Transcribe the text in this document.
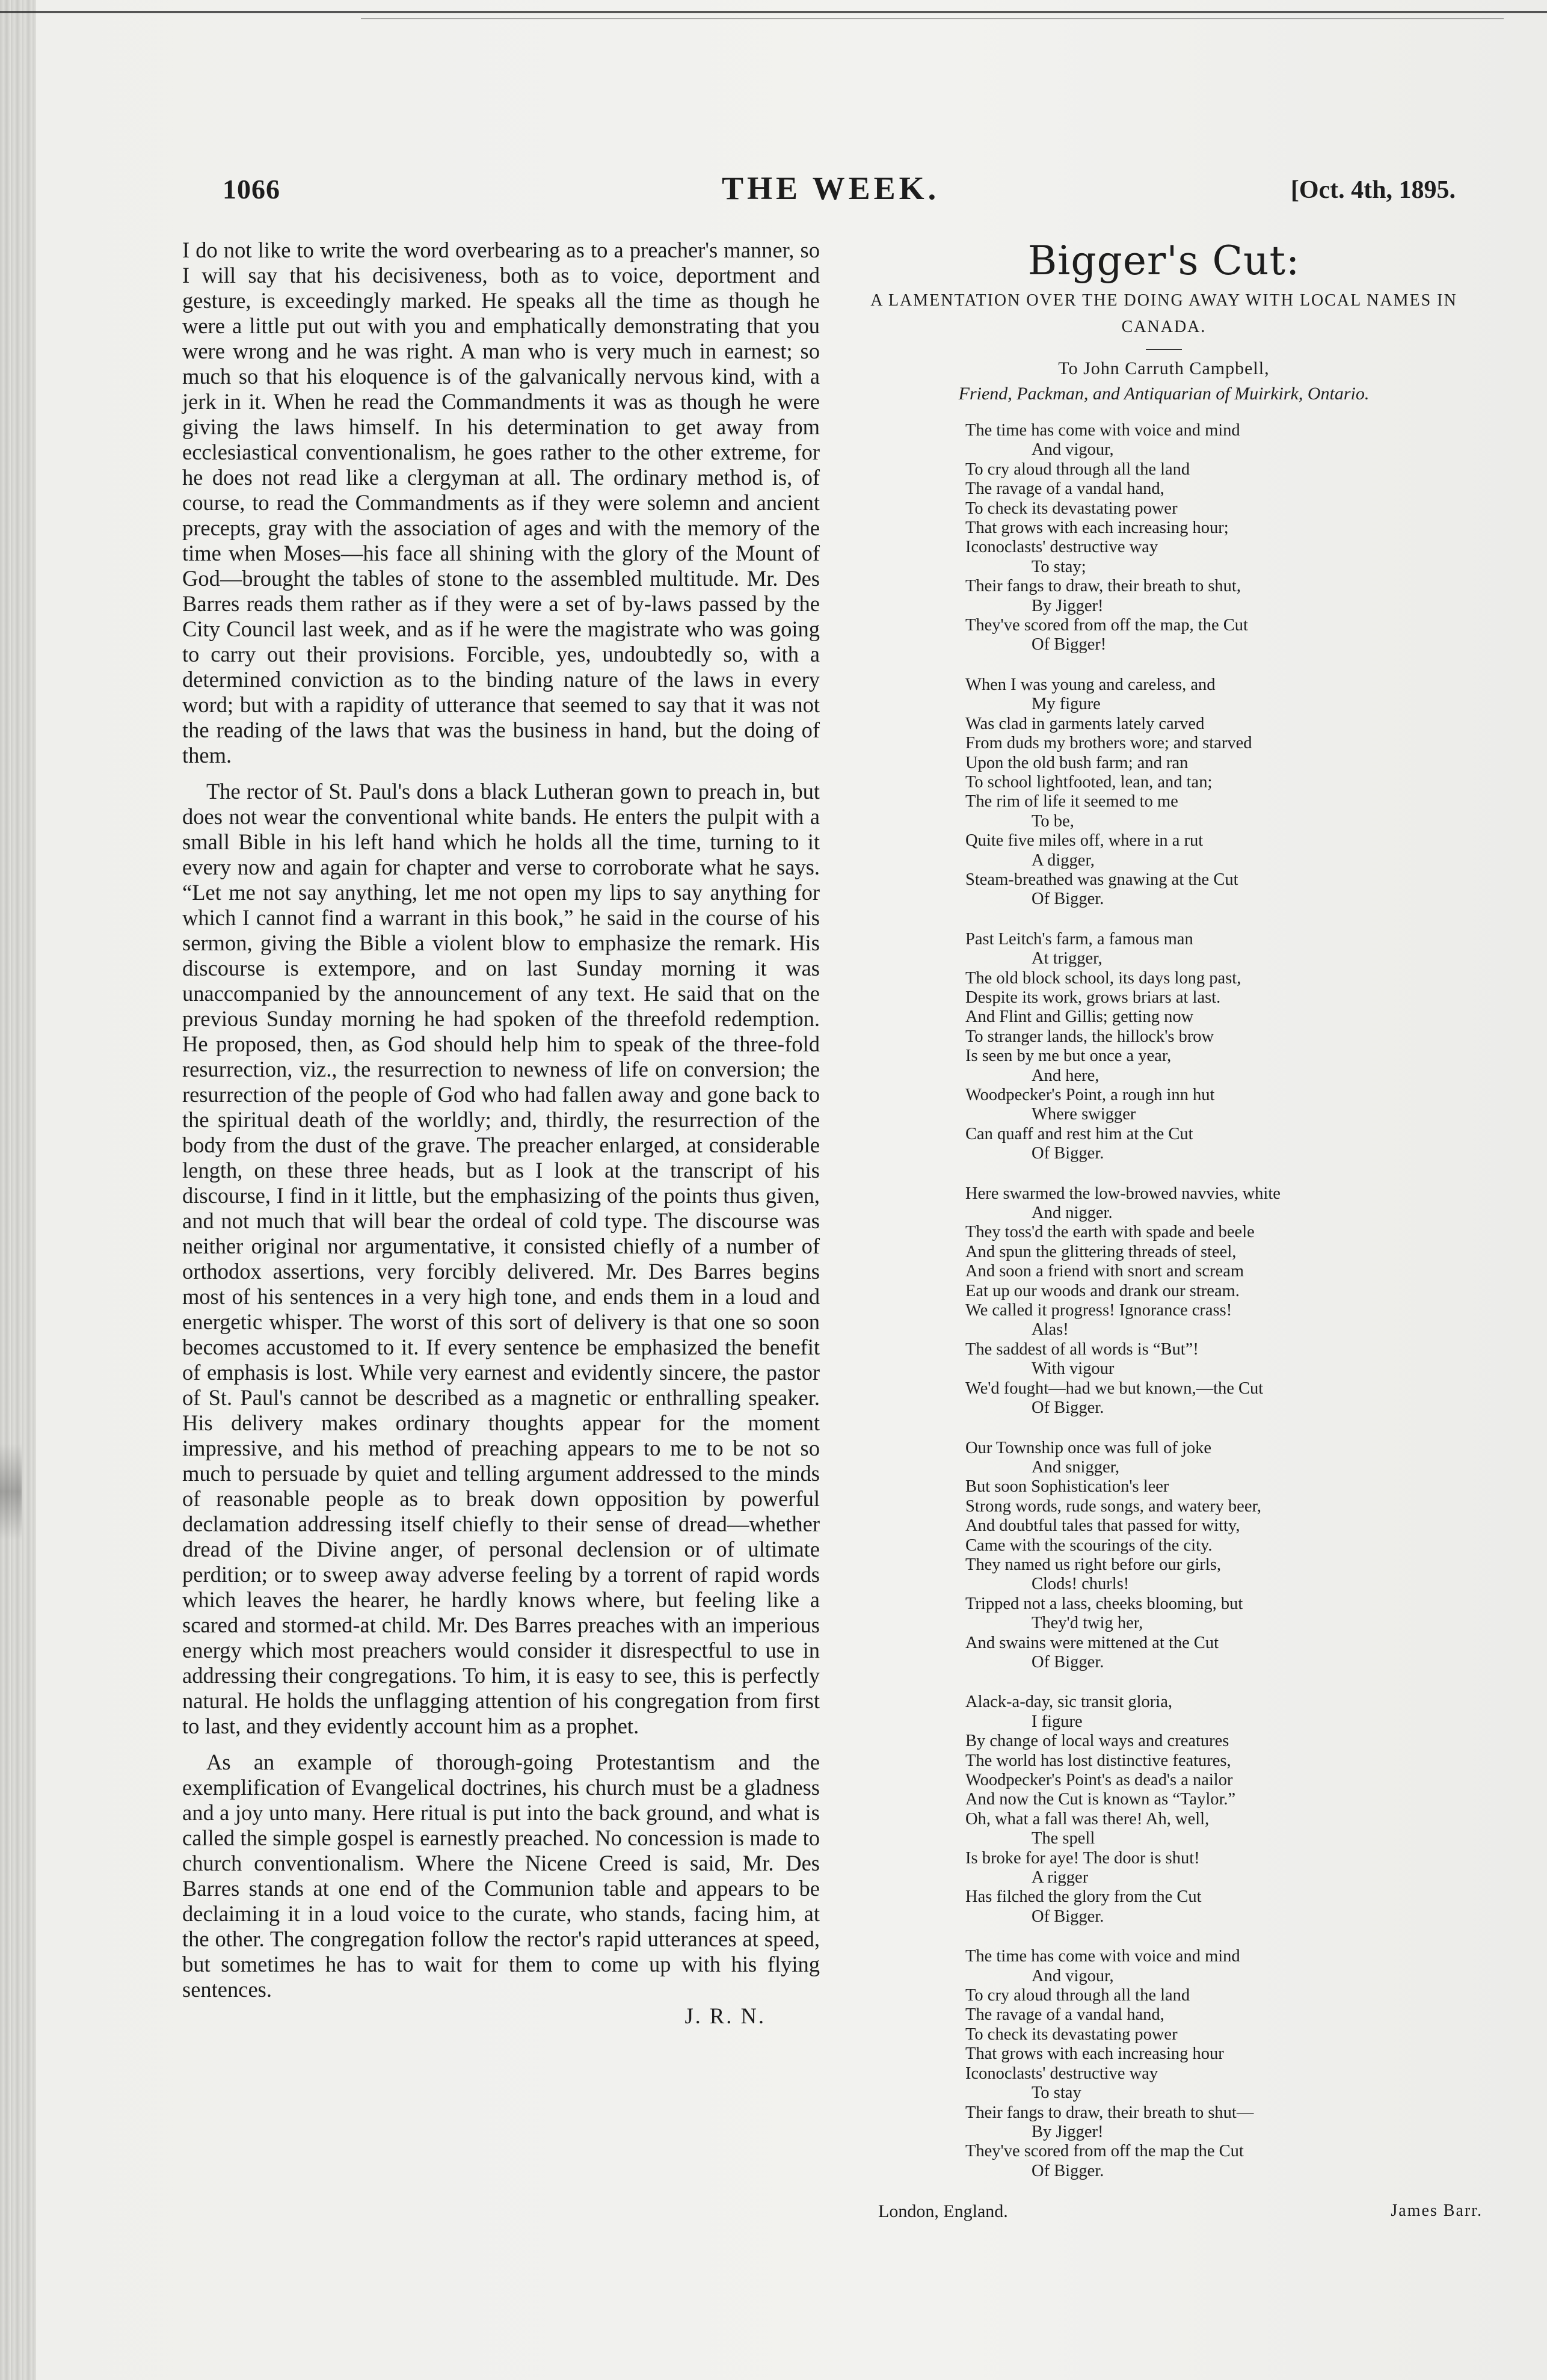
1066	THE WEEK.	[Oct. 4th, 1895.

I do not like to write the word overbearing as to a preacher's manner, so I will say that his decisiveness, both as to voice, deportment and gesture, is exceedingly marked. He speaks all the time as though he were a little put out with you and emphatically demonstrating that you were wrong and he was right. A man who is very much in earnest; so much so that his eloquence is of the galvanically nervous kind, with a jerk in it. When he read the Commandments it was as though he were giving the laws himself. In his determination to get away from ecclesiastical conventionalism, he goes rather to the other extreme, for he does not read like a clergyman at all. The ordinary method is, of course, to read the Commandments as if they were solemn and ancient precepts, gray with the association of ages and with the memory of the time when Moses—his face all shining with the glory of the Mount of God—brought the tables of stone to the assembled multitude. Mr. Des Barres reads them rather as if they were a set of by-laws passed by the City Council last week, and as if he were the magistrate who was going to carry out their provisions. Forcible, yes, undoubtedly so, with a determined conviction as to the binding nature of the laws in every word; but with a rapidity of utterance that seemed to say that it was not the reading of the laws that was the business in hand, but the doing of them.

The rector of St. Paul's dons a black Lutheran gown to preach in, but does not wear the conventional white bands. He enters the pulpit with a small Bible in his left hand which he holds all the time, turning to it every now and again for chapter and verse to corroborate what he says. “Let me not say anything, let me not open my lips to say anything for which I cannot find a warrant in this book,” he said in the course of his sermon, giving the Bible a violent blow to emphasize the remark. His discourse is extempore, and on last Sunday morning it was unaccompanied by the announcement of any text. He said that on the previous Sunday morning he had spoken of the threefold redemption. He proposed, then, as God should help him to speak of the three-fold resurrection, viz., the resurrection to newness of life on conversion; the resurrection of the people of God who had fallen away and gone back to the spiritual death of the worldly; and, thirdly, the resurrection of the body from the dust of the grave. The preacher enlarged, at considerable length, on these three heads, but as I look at the transcript of his discourse, I find in it little, but the emphasizing of the points thus given, and not much that will bear the ordeal of cold type. The discourse was neither original nor argumentative, it consisted chiefly of a number of orthodox assertions, very forcibly delivered. Mr. Des Barres begins most of his sentences in a very high tone, and ends them in a loud and energetic whisper. The worst of this sort of delivery is that one so soon becomes accustomed to it. If every sentence be emphasized the benefit of emphasis is lost. While very earnest and evidently sincere, the pastor of St. Paul's cannot be described as a magnetic or enthralling speaker. His delivery makes ordinary thoughts appear for the moment impressive, and his method of preaching appears to me to be not so much to persuade by quiet and telling argument addressed to the minds of reasonable people as to break down opposition by powerful declamation addressing itself chiefly to their sense of dread—whether dread of the Divine anger, of personal declension or of ultimate perdition; or to sweep away adverse feeling by a torrent of rapid words which leaves the hearer, he hardly knows where, but feeling like a scared and stormed-at child. Mr. Des Barres preaches with an imperious energy which most preachers would consider it disrespectful to use in addressing their congregations. To him, it is easy to see, this is perfectly natural. He holds the unflagging attention of his congregation from first to last, and they evidently account him as a prophet.

As an example of thorough-going Protestantism and the exemplification of Evangelical doctrines, his church must be a gladness and a joy unto many. Here ritual is put into the back ground, and what is called the simple gospel is earnestly preached. No concession is made to church conventionalism. Where the Nicene Creed is said, Mr. Des Barres stands at one end of the Communion table and appears to be declaiming it in a loud voice to the curate, who stands, facing him, at the other. The congregation follow the rector's rapid utterances at speed, but sometimes he has to wait for them to come up with his flying sentences.

J. R. N.
Bigger's Cut:
A LAMENTATION OVER THE DOING AWAY WITH LOCAL NAMES IN CANADA.
To John Carruth Campbell,
Friend, Packman, and Antiquarian of Muirkirk, Ontario.
The time has come with voice and mind
And vigour,
To cry aloud through all the land
The ravage of a vandal hand,
To check its devastating power
That grows with each increasing hour;
Iconoclasts' destructive way
To stay;
Their fangs to draw, their breath to shut,
By Jigger!
They've scored from off the map, the Cut
Of Bigger!
When I was young and careless, and
My figure
Was clad in garments lately carved
From duds my brothers wore; and starved
Upon the old bush farm; and ran
To school lightfooted, lean, and tan;
The rim of life it seemed to me
To be,
Quite five miles off, where in a rut
A digger,
Steam-breathed was gnawing at the Cut
Of Bigger.
Past Leitch's farm, a famous man
At trigger,
The old block school, its days long past,
Despite its work, grows briars at last.
And Flint and Gillis; getting now
To stranger lands, the hillock's brow
Is seen by me but once a year,
And here,
Woodpecker's Point, a rough inn hut
Where swigger
Can quaff and rest him at the Cut
Of Bigger.
Here swarmed the low-browed navvies, white
And nigger.
They toss'd the earth with spade and beele
And spun the glittering threads of steel,
And soon a friend with snort and scream
Eat up our woods and drank our stream.
We called it progress! Ignorance crass!
Alas!
The saddest of all words is “But”!
With vigour
We'd fought—had we but known,—the Cut
Of Bigger.
Our Township once was full of joke
And snigger,
But soon Sophistication's leer
Strong words, rude songs, and watery beer,
And doubtful tales that passed for witty,
Came with the scourings of the city.
They named us right before our girls,
Clods! churls!
Tripped not a lass, cheeks blooming, but
They'd twig her,
And swains were mittened at the Cut
Of Bigger.
Alack-a-day, sic transit gloria,
I figure
By change of local ways and creatures
The world has lost distinctive features,
Woodpecker's Point's as dead's a nailor
And now the Cut is known as “Taylor.”
Oh, what a fall was there! Ah, well,
The spell
Is broke for aye! The door is shut!
A rigger
Has filched the glory from the Cut
Of Bigger.
The time has come with voice and mind
And vigour,
To cry aloud through all the land
The ravage of a vandal hand,
To check its devastating power
That grows with each increasing hour
Iconoclasts' destructive way
To stay
Their fangs to draw, their breath to shut—
By Jigger!
They've scored from off the map the Cut
Of Bigger.
London, England.	James Barr.
